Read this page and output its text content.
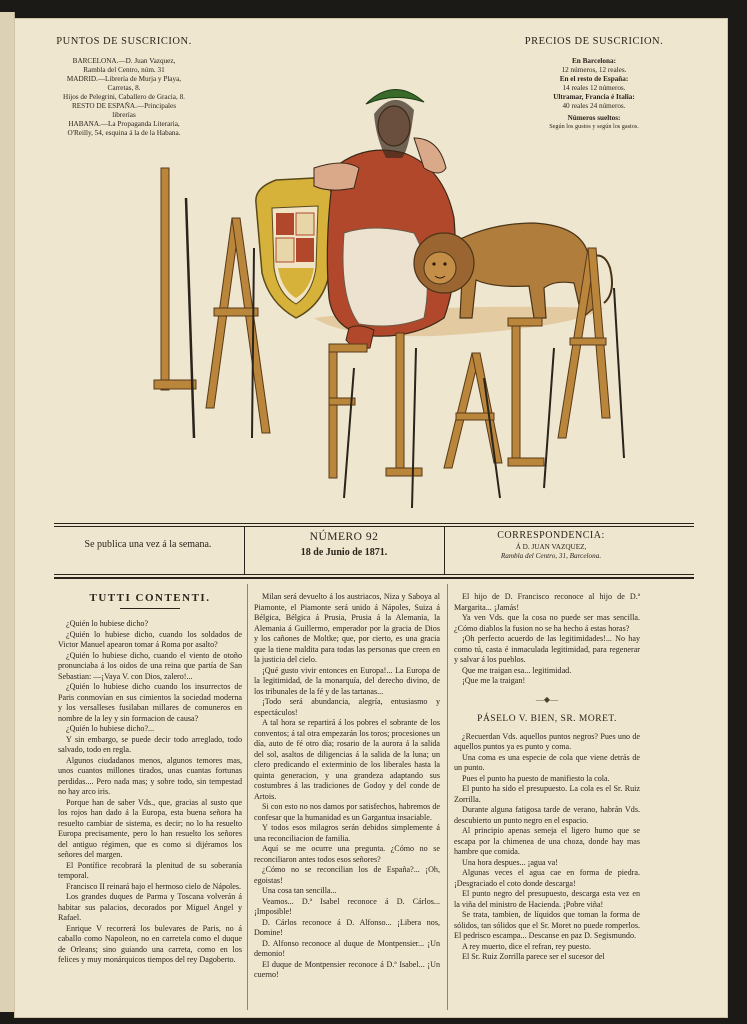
PUNTOS DE SUSCRICION.
BARCELONA.—D. Juan Vazquez,
Rambla del Centro, núm. 31
MADRID.—Librería de Murja y Playa,
Carretas, 8.
Hijos de Pelegrini, Caballero de Gracia, 8.
RESTO DE ESPAÑA.—Principales
librerías
HABANA.—La Propaganda Literaria,
O'Reilly, 54, esquina á la de la Habana.
PRECIOS DE SUSCRICION.
En Barcelona:
12 números, 12 reales.
En el resto de España:
14 reales 12 números.
Ultramar, Francia é Italia:
40 reales 24 números.
Números sueltos:
Según los gustos y según los gastos.
Se publica una vez á la semana.
NÚMERO 92
18 de Junio de 1871.
CORRESPONDENCIA:
Á D. JUAN VAZQUEZ,
Rambla del Centro, 31, Barcelona.
TUTTI CONTENTI.

¿Quién lo hubiese dicho?

¿Quién lo hubiese dicho, cuando los soldados de Victor Manuel apearon tomar á Roma por asalto?

¿Quién lo hubiese dicho, cuando el viento de otoño pronunciaba á los oidos de una reina que partía de San Sebastian: —¡Vaya V. con Dios, zalero!...

¿Quién lo hubiese dicho cuando los insurrectos de Paris conmovían en sus cimientos la sociedad moderna y los versalleses fusilaban millares de comuneros en nombre de la ley y sin formacion de causa?

¿Quién lo hubiese dicho?...

Y sin embargo, se puede decir todo arreglado, todo salvado, todo en regla.

Algunos ciudadanos menos, algunos temores mas, unos cuantos millones tirados, unas cuantas fortunas perdidas.... Pero nada mas; y sobre todo, sin tempestad no hay arco iris.

Porque han de saber Vds., que, gracias al susto que los rojos han dado á la Europa, esta buena señora ha resuelto cambiar de sistema, es decir; no lo ha resuelto Europa precisamente, pero lo han resuelto los señores del antiguo régimen, que es como si dijéramos los señores del margen.

El Pontífice recobrará la plenitud de su soberanía temporal.

Francisco II reinará bajo el hermoso cielo de Nápoles.

Los grandes duques de Parma y Toscana volverán á habitar sus palacios, decorados por Miguel Angel y Rafael.

Enrique V recorrerá los bulevares de Paris, no á caballo como Napoleon, no en carretela como el duque de Orleans; sino guiando una carreta, como en los felices y muy monárquicos tiempos del rey Dagoberto.

Milan será devuelto á los austriacos, Niza y Saboya al Piamonte, el Piamonte será unido á Nápoles, Suiza á Bélgica, Bélgica á Prusia, Prusia á la Alemania, la Alemania á Guillermo, emperador por la gracia de Dios y los cañones de Moltke; que, por cierto, es una gracia que la tiene maldita para todas las personas que creen en la justicia del cielo.

¡Qué gusto vivir entonces en Europa!... La Europa de la legitimidad, de la monarquía, del derecho divino, de los tribunales de la fé y de las tartanas...

¡Todo será abundancia, alegría, entusiasmo y espectáculos!

A tal hora se repartirá á los pobres el sobrante de los conventos; á tal otra empezarán los toros; procesiones un día, auto de fé otro día; rosario de la aurora á la salida del sol, asaltos de diligencias á la salida de la luna; un clero predicando el exterminio de los liberales hasta la quinta generacion, y una grandeza adaptando sus costumbres á las tradiciones de Godoy y del conde de Artois.

Si con esto no nos damos por satisfechos, habremos de confesar que la humanidad es un Gargantua insaciable.

Y todos esos milagros serán debidos simplemente á una reconciliacion de familia.

Aquí se me ocurre una pregunta. ¿Cómo no se reconciliaron antes todos esos señores?

¿Cómo no se reconcilian los de España?... ¡Oh, egoistas!

Una cosa tan sencilla...

Veamos... D.ª Isabel reconoce á D. Cárlos... ¡Imposible!

D. Cárlos reconoce á D. Alfonso... ¡Libera nos, Domine!

D. Alfonso reconoce al duque de Montpensier... ¡Un demonio!

El duque de Montpensier reconoce á D.ª Isabel... ¡Un cuerno!

El hijo de D. Francisco reconoce al hijo de D.ª Margarita... ¡Jamás!

Ya ven Vds. que la cosa no puede ser mas sencilla. ¿Cómo diablos la fusion no se ha hecho á estas horas?

¡Oh perfecto acuerdo de las legitimidades!... No hay como tú, casta é inmaculada legitimidad, para regenerar y salvar á los pueblos.

Que me traigan esa... legitimidad.

¡Que me la traigan!

—◆—
PÁSELO V. BIEN, SR. MORET.

¿Recuerdan Vds. aquellos puntos negros? Pues uno de aquellos puntos ya es punto y coma.

Una coma es una especie de cola que viene detrás de un punto.

Pues el punto ha puesto de manifiesto la cola.

El punto ha sido el presupuesto. La cola es el Sr. Ruiz Zorrilla.

Durante alguna fatigosa tarde de verano, habrán Vds. descubierto un punto negro en el espacio.

Al principio apenas semeja el ligero humo que se escapa por la chimenea de una choza, donde hay mas hambre que comida.

Una hora despues... ¡agua va!

Algunas veces el agua cae en forma de piedra. ¡Desgraciado el coto donde descarga!

El punto negro del presupuesto, descarga esta vez en la viña del ministro de Hacienda. ¡Pobre viña!

Se trata, tambien, de líquidos que toman la forma de sólidos, tan sólidos que el Sr. Moret no puede romperlos. El pedrisco escampa... Descanse en paz D. Segismundo.

A rey muerto, dice el refran, rey puesto.

El Sr. Ruiz Zorrilla parece ser el sucesor del
